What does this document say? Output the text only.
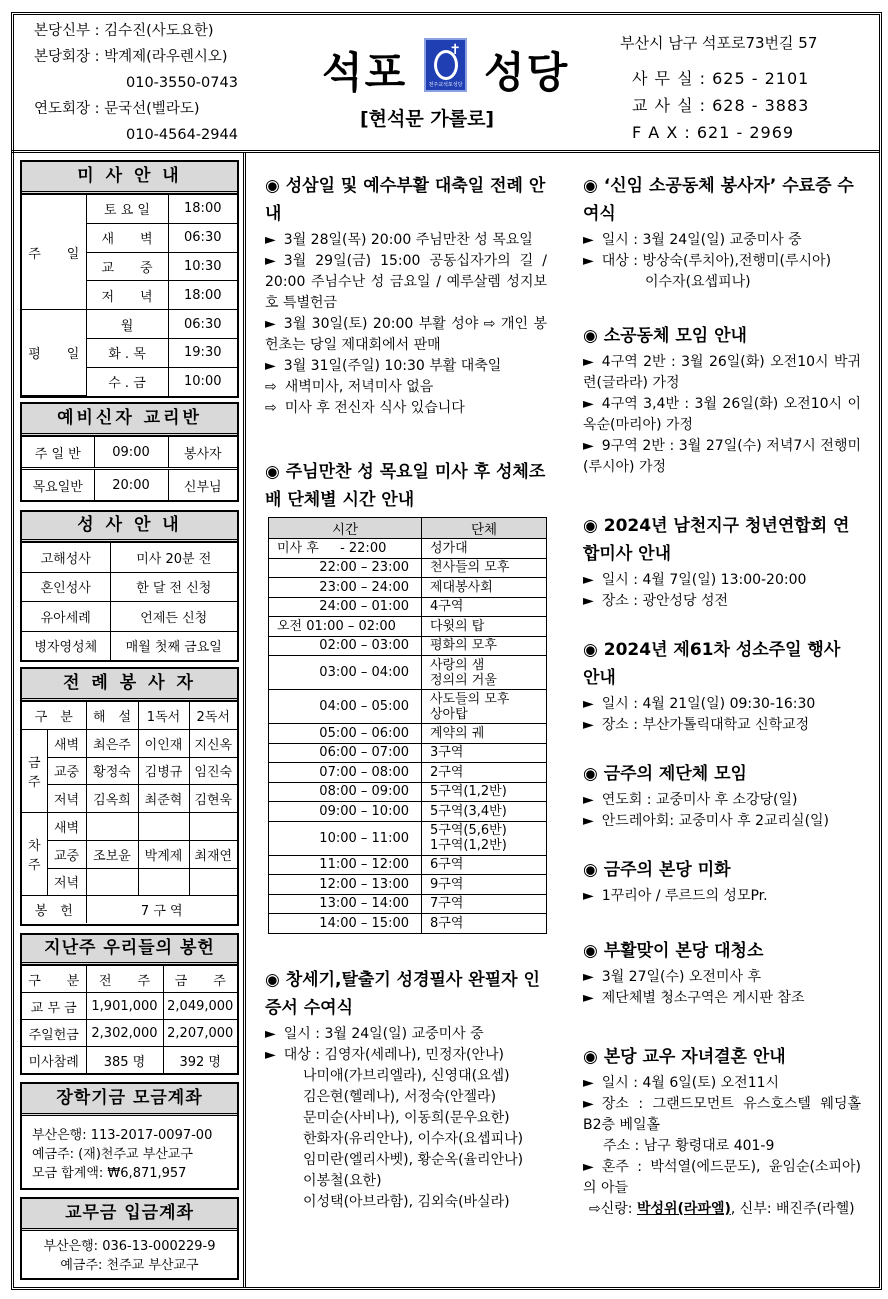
본당신부 : 김수진(사도요한)
본당회장 : 박계제(라우렌시오)
010-3550-0743
연도회장 : 문국선(벨라도)
010-4564-2944
석포	✝
천주교석포성당 성당
[현석문 가롤로]
부산시 남구 석포로73번길 57
사 무 실 : 625 - 2101
교 사 실 : 628 - 3883
F A X : 621 - 2969
미 사 안 내
주　　일	토 요 일	18:00
	새　　벽	06:30
	교　　중	10:30
	저　　녁	18:00
평　　일	월	06:30
	화 . 목	19:30
	수 . 금	10:00
예비신자 교리반
주 일 반	09:00	봉사자
목요일반	20:00	신부님
성 사 안 내
고해성사	미사 20분 전
혼인성사	한 달 전 신청
유아세례	언제든 신청
병자영성체	매월 첫째 금요일
전 례 봉 사 자
구　분		해　설	1독서	2독서
금주	새벽	최은주	이인재	지신옥
	교중	황정숙	김병규	임진숙
	저녁	김옥희	최준혁	김현욱
차주	새벽			
	교중	조보윤	박계제	최재연
	저녁			
봉　헌		7 구 역		
지난주 우리들의 봉헌
구　　분	전　　주	금　　주
교 무 금	1,901,000	2,049,000
주일헌금	2,302,000	2,207,000
미사참례	385 명	392 명
장학기금 모금계좌
부산은행: 113-2017-0097-00
예금주: (재)천주교 부산교구
모금 합계액: ₩6,871,957
교무금 입금계좌
부산은행: 036-13-000229-9
예금주: 천주교 부산교구
◉ 성삼일 및 예수부활 대축일 전례 안내
► 3월 28일(목) 20:00 주님만찬 성 목요일
► 3월 29일(금) 15:00 공동십자가의 길 / 20:00 주님수난 성 금요일 / 예루살렘 성지보호 특별헌금
► 3월 30일(토) 20:00 부활 성야 ⇨ 개인 봉헌초는 당일 제대회에서 판매
► 3월 31일(주일) 10:30 부활 대축일
⇨ 새벽미사, 저녁미사 없음
⇨ 미사 후 전신자 식사 있습니다
◉ 주님만찬 성 목요일 미사 후 성체조배 단체별 시간 안내
◉ 창세기,탈출기 성경필사 완필자 인증서 수여식
► 일시 : 3월 24일(일) 교중미사 중
► 대상 : 김영자(세레나), 민정자(안나)
나미애(가브리엘라), 신영대(요셉)
김은현(헬레나), 서정숙(안젤라)
문미순(사비나), 이동희(문우요한)
한화자(유리안나), 이수자(요셉피나)
임미란(엘리사벳), 황순옥(율리안나)
이봉철(요한)
이성택(아브라함), 김외숙(바실라)
시간	단체
미사 후 　 - 22:00	성가대
22:00 – 23:00	천사들의 모후
23:00 – 24:00	제대봉사회
24:00 – 01:00	4구역
오전 01:00 – 02:00	다윗의 탑
02:00 – 03:00	평화의 모후
03:00 – 04:00	사랑의 샘
정의의 거울
04:00 – 05:00	사도들의 모후
상아탑
05:00 – 06:00	계약의 궤
06:00 – 07:00	3구역
07:00 – 08:00	2구역
08:00 – 09:00	5구역(1,2반)
09:00 – 10:00	5구역(3,4반)
10:00 – 11:00	5구역(5,6반)
1구역(1,2반)
11:00 – 12:00	6구역
12:00 – 13:00	9구역
13:00 – 14:00	7구역
14:00 – 15:00	8구역
◉ ‘신임 소공동체 봉사자’ 수료증 수여식
► 일시 : 3월 24일(일) 교중미사 중
► 대상 : 방상숙(루치아),전행미(루시아)
이수자(요셉피나)
◉ 소공동체 모임 안내
► 4구역 2반 : 3월 26일(화) 오전10시 박귀련(글라라) 가정
► 4구역 3,4반 : 3월 26일(화) 오전10시 이옥순(마리아) 가정
► 9구역 2반 : 3월 27일(수) 저녁7시 전행미(루시아) 가정
◉ 2024년 남천지구 청년연합회 연합미사 안내
► 일시 : 4월 7일(일) 13:00-20:00
► 장소 : 광안성당 성전
◉ 2024년 제61차 성소주일 행사 안내
► 일시 : 4월 21일(일) 09:30-16:30
► 장소 : 부산가톨릭대학교 신학교정
◉ 금주의 제단체 모임
► 연도회 : 교중미사 후 소강당(일)
► 안드레아회: 교중미사 후 2교리실(일)
◉ 금주의 본당 미화
► 1꾸리아 / 루르드의 성모Pr.
◉ 부활맞이 본당 대청소
► 3월 27일(수) 오전미사 후
► 제단체별 청소구역은 게시판 참조
◉ 본당 교우 자녀결혼 안내
► 일시 : 4월 6일(토) 오전11시
► 장소 : 그랜드모먼트 유스호스텔 웨딩홀 B2층 베일홀
주소 : 남구 황령대로 401-9
► 혼주 : 박석열(에드문도), 윤임순(소피아)의 아들
⇨신랑: 박성위(라파엘), 신부: 배진주(라헬)
